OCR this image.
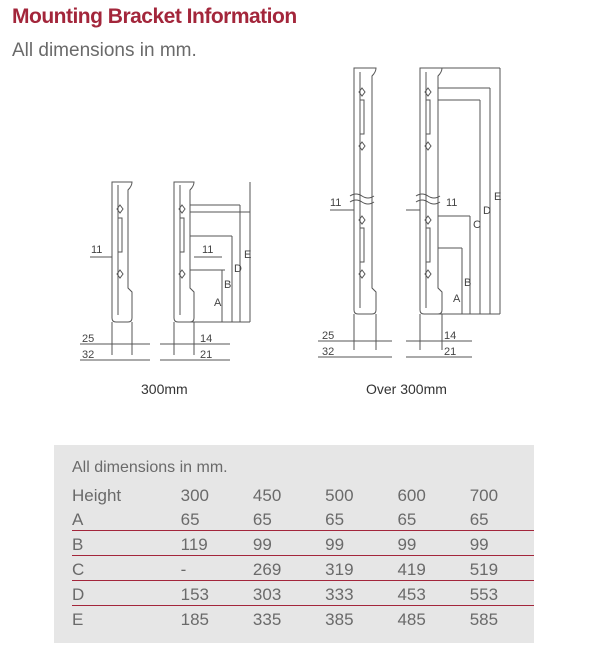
Mounting Bracket Information
All dimensions in mm.
11	11
A
B
D
E
25
32
14
21
11	11
A
B
C
D
E
25
32
14
21
300mm	Over 300mm
All dimensions in mm.
Height	300	450	500	600	700
A	65	65	65	65	65
B	119	99	99	99	99
C	-	269	319	419	519
D	153	303	333	453	553
E	185	335	385	485	585
